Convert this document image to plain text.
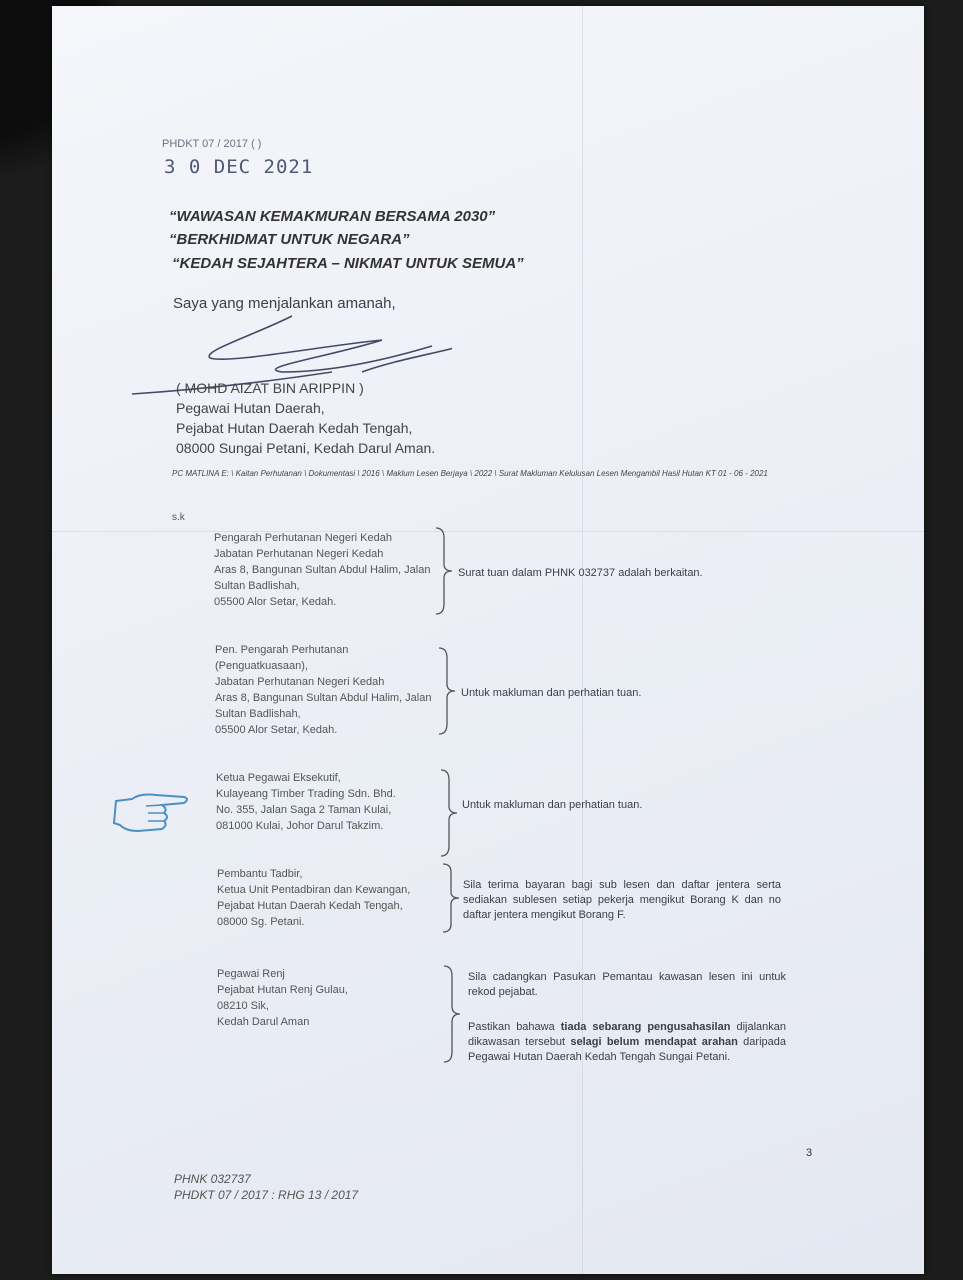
PHDKT 07 / 2017 ( )
3 0 DEC 2021
“WAWASAN KEMAKMURAN BERSAMA 2030”
“BERKHIDMAT UNTUK NEGARA”
“KEDAH SEJAHTERA – NIKMAT UNTUK SEMUA”
Saya yang menjalankan amanah,
( MOHD AIZAT BIN ARIPPIN )
Pegawai Hutan Daerah,
Pejabat Hutan Daerah Kedah Tengah,
08000 Sungai Petani, Kedah Darul Aman.
PC MATLINA E: \ Kaitan Perhutanan \ Dokumentasi \ 2016 \ Maklum Lesen Berjaya \ 2022 \ Surat Makluman Kelulusan Lesen Mengambil Hasil Hutan KT 01 - 06 - 2021
s.k
Pengarah Perhutanan Negeri Kedah
Jabatan Perhutanan Negeri Kedah
Aras 8, Bangunan Sultan Abdul Halim, Jalan
Sultan Badlishah,
05500 Alor Setar, Kedah.
Surat tuan dalam PHNK 032737 adalah berkaitan.
Pen. Pengarah Perhutanan
(Penguatkuasaan),
Jabatan Perhutanan Negeri Kedah
Aras 8, Bangunan Sultan Abdul Halim, Jalan
Sultan Badlishah,
05500 Alor Setar, Kedah.
Untuk makluman dan perhatian tuan.
Ketua Pegawai Eksekutif,
Kulayeang Timber Trading Sdn. Bhd.
No. 355, Jalan Saga 2 Taman Kulai,
081000 Kulai, Johor Darul Takzim.
Untuk makluman dan perhatian tuan.
Pembantu Tadbir,
Ketua Unit Pentadbiran dan Kewangan,
Pejabat Hutan Daerah Kedah Tengah,
08000 Sg. Petani.
Sila terima bayaran bagi sub lesen dan daftar jentera serta sediakan sublesen setiap pekerja mengikut Borang K dan no daftar jentera mengikut Borang F.
Pegawai Renj
Pejabat Hutan Renj Gulau,
08210 Sik,
Kedah Darul Aman
Sila cadangkan Pasukan Pemantau kawasan lesen ini untuk rekod pejabat.
Pastikan bahawa tiada sebarang pengusahasilan dijalankan dikawasan tersebut selagi belum mendapat arahan daripada Pegawai Hutan Daerah Kedah Tengah Sungai Petani.
3
PHNK 032737
PHDKT 07 / 2017 : RHG 13 / 2017
